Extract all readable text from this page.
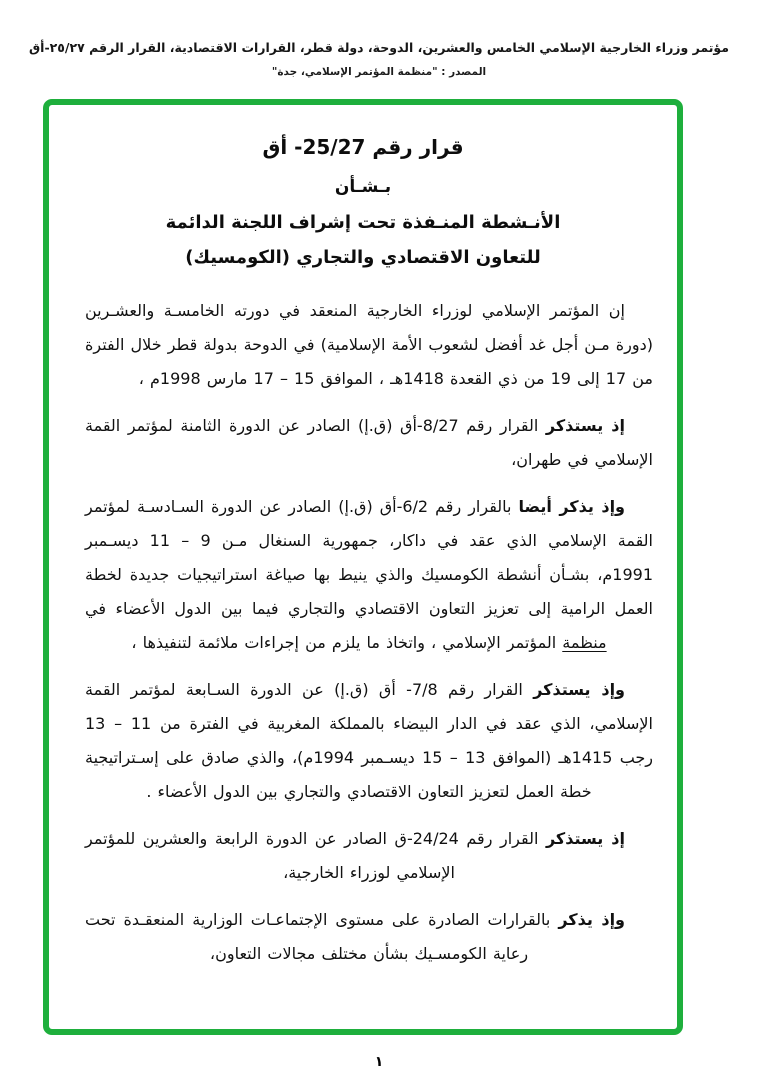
مؤتمر وزراء الخارجية الإسلامي الخامس والعشرين، الدوحة، دولة قطر، القرارات الاقتصادية، القرار الرقم ٢٥/٢٧-أق
المصدر : "منظمة المؤتمر الإسلامي، جدة"
قرار رقم 25/27- أق
بـشـأن
الأنـشطة المنـفذة تحت إشراف اللجنة الدائمة
للتعاون الاقتصادي والتجاري (الكومسيك)

إن المؤتمر الإسلامي لوزراء الخارجية المنعقد في دورته الخامسـة والعشـرين (دورة مـن أجل غد أفضل لشعوب الأمة الإسلامية) في الدوحة بدولة قطر خلال الفترة من 17 إلى 19 من ذي القعدة 1418هـ ، الموافق 15 – 17 مارس 1998م ،

إذ يستذكر القرار رقم 8/27-أق (ق.إ) الصادر عن الدورة الثامنة لمؤتمر القمة الإسلامي في طهران،

وإذ يذكر أيضا بالقرار رقم 6/2-أق (ق.إ) الصادر عن الدورة السـادسـة لمؤتمر القمة الإسلامي الذي عقد في داكار، جمهورية السنغال مـن 9 – 11 ديسـمبر 1991م، بشـأن أنشطة الكومسيك والذي ينيط بها صياغة استراتيجيات جديدة لخطة العمل الرامية إلى تعزيز التعاون الاقتصادي والتجاري فيما بين الدول الأعضاء في منظمة المؤتمر الإسلامي ، واتخاذ ما يلزم من إجراءات ملائمة لتنفيذها ،

وإذ يستذكر القرار رقم 7/8- أق (ق.إ) عن الدورة السـابعة لمؤتمر القمة الإسلامي، الذي عقد في الدار البيضاء بالمملكة المغربية في الفترة من 11 – 13 رجب 1415هـ (الموافق 13 – 15 ديسـمبر 1994م)، والذي صادق على إسـتراتيجية خطة العمل لتعزيز التعاون الاقتصادي والتجاري بين الدول الأعضاء .

إذ يستذكر القرار رقم 24/24-ق الصادر عن الدورة الرابعة والعشرين للمؤتمر الإسلامي لوزراء الخارجية،

وإذ يذكر بالقرارات الصادرة على مستوى الإجتماعـات الوزارية المنعقـدة تحت رعاية الكومسـيك بشأن مختلف مجالات التعاون،

١
